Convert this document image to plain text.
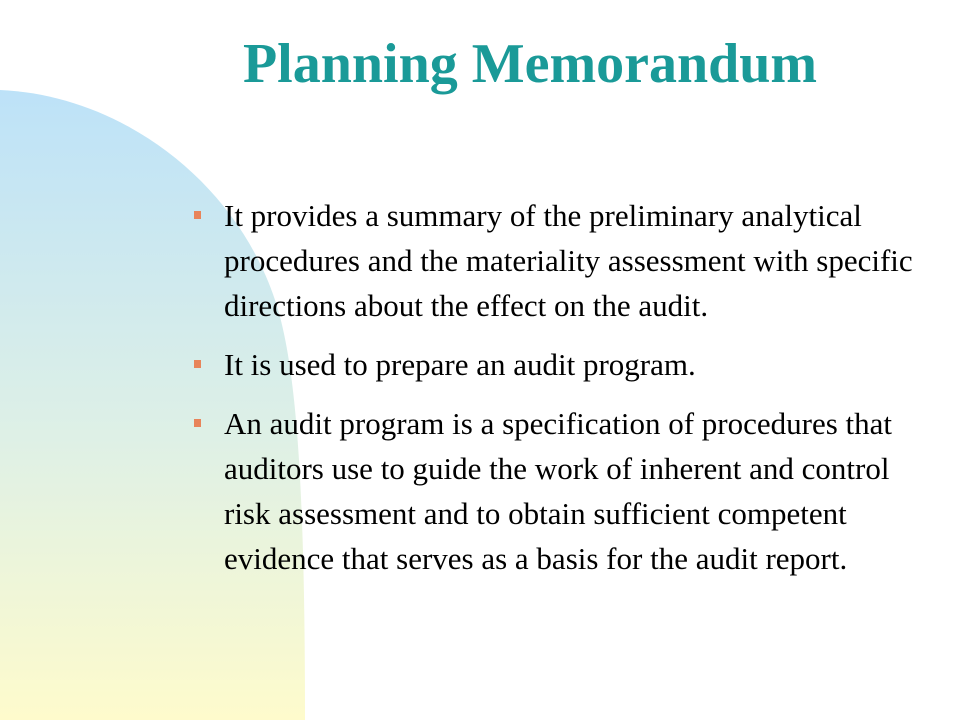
Planning Memorandum
It provides a summary of the preliminary analytical procedures and the materiality assessment with specific directions about the effect on the audit.
It is used to prepare an audit program.
An audit program is a specification of procedures that auditors use to guide the work of inherent and control risk assessment and to obtain sufficient competent evidence that serves as a basis for the audit report.
